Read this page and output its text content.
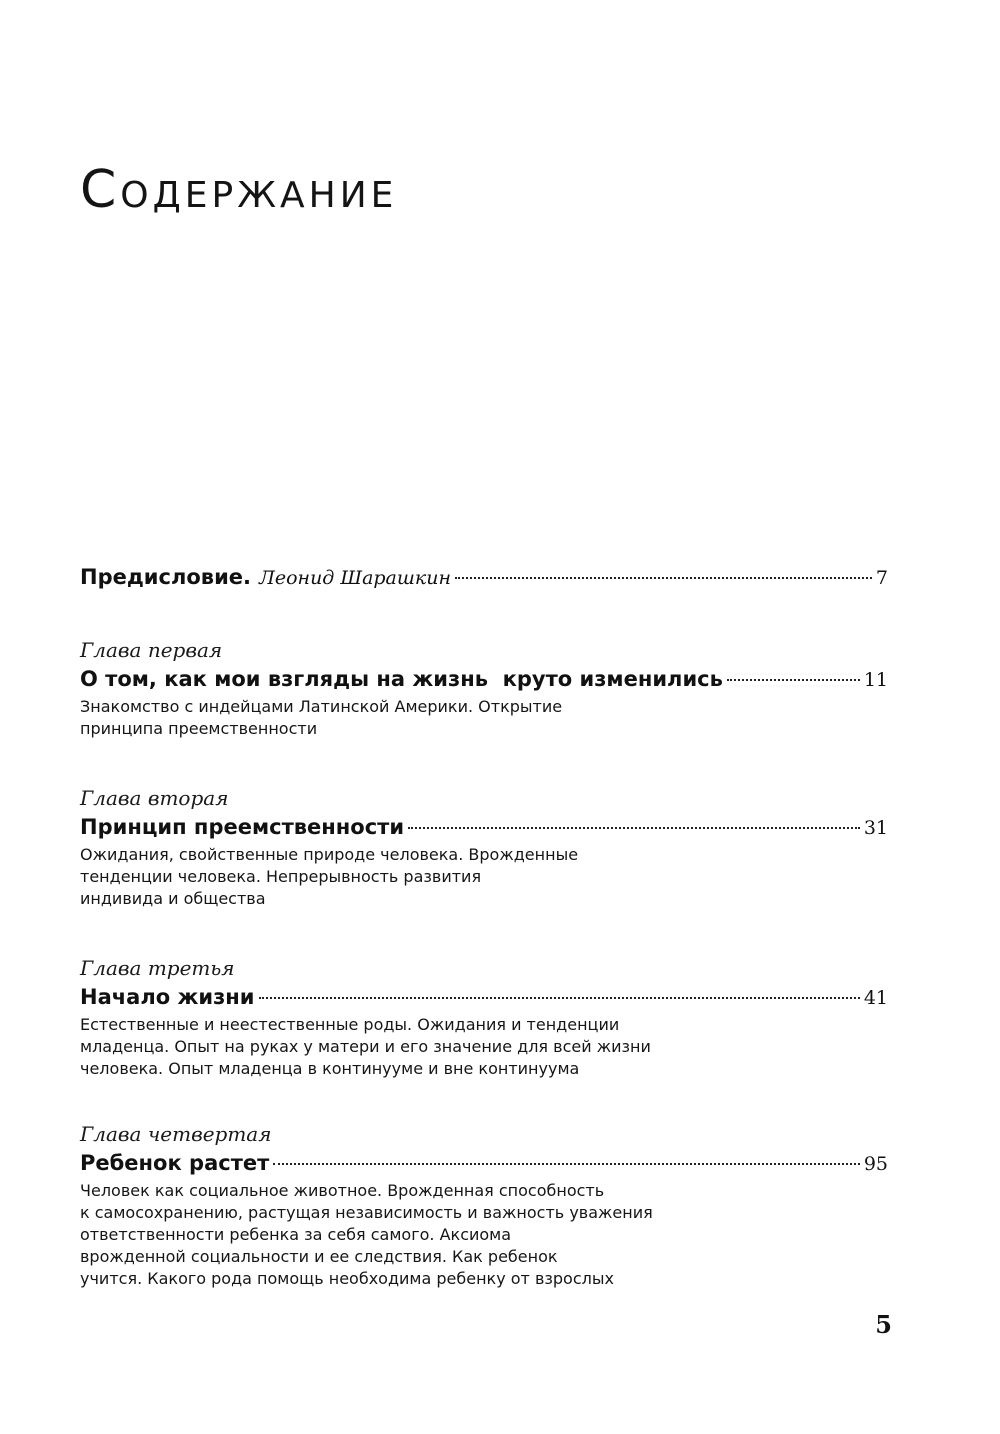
Содержание
Предисловие. Леонид Шарашкин	7
Глава первая
О том, как мои взгляды на жизнь  круто изменились	11
Знакомство с индейцами Латинской Америки. Открытие
принципа преемственности
Глава вторая
Принцип преемственности	31
Ожидания, свойственные природе человека. Врожденные
тенденции человека. Непрерывность развития
индивида и общества
Глава третья
Начало жизни	41
Естественные и неестественные роды. Ожидания и тенденции
младенца. Опыт на руках у матери и его значение для всей жизни
человека. Опыт младенца в континууме и вне континуума
Глава четвертая
Ребенок растет	95
Человек как социальное животное. Врожденная способность
к самосохранению, растущая независимость и важность уважения
ответственности ребенка за себя самого. Аксиома
врожденной социальности и ее следствия. Как ребенок
учится. Какого рода помощь необходима ребенку от взрослых
5
